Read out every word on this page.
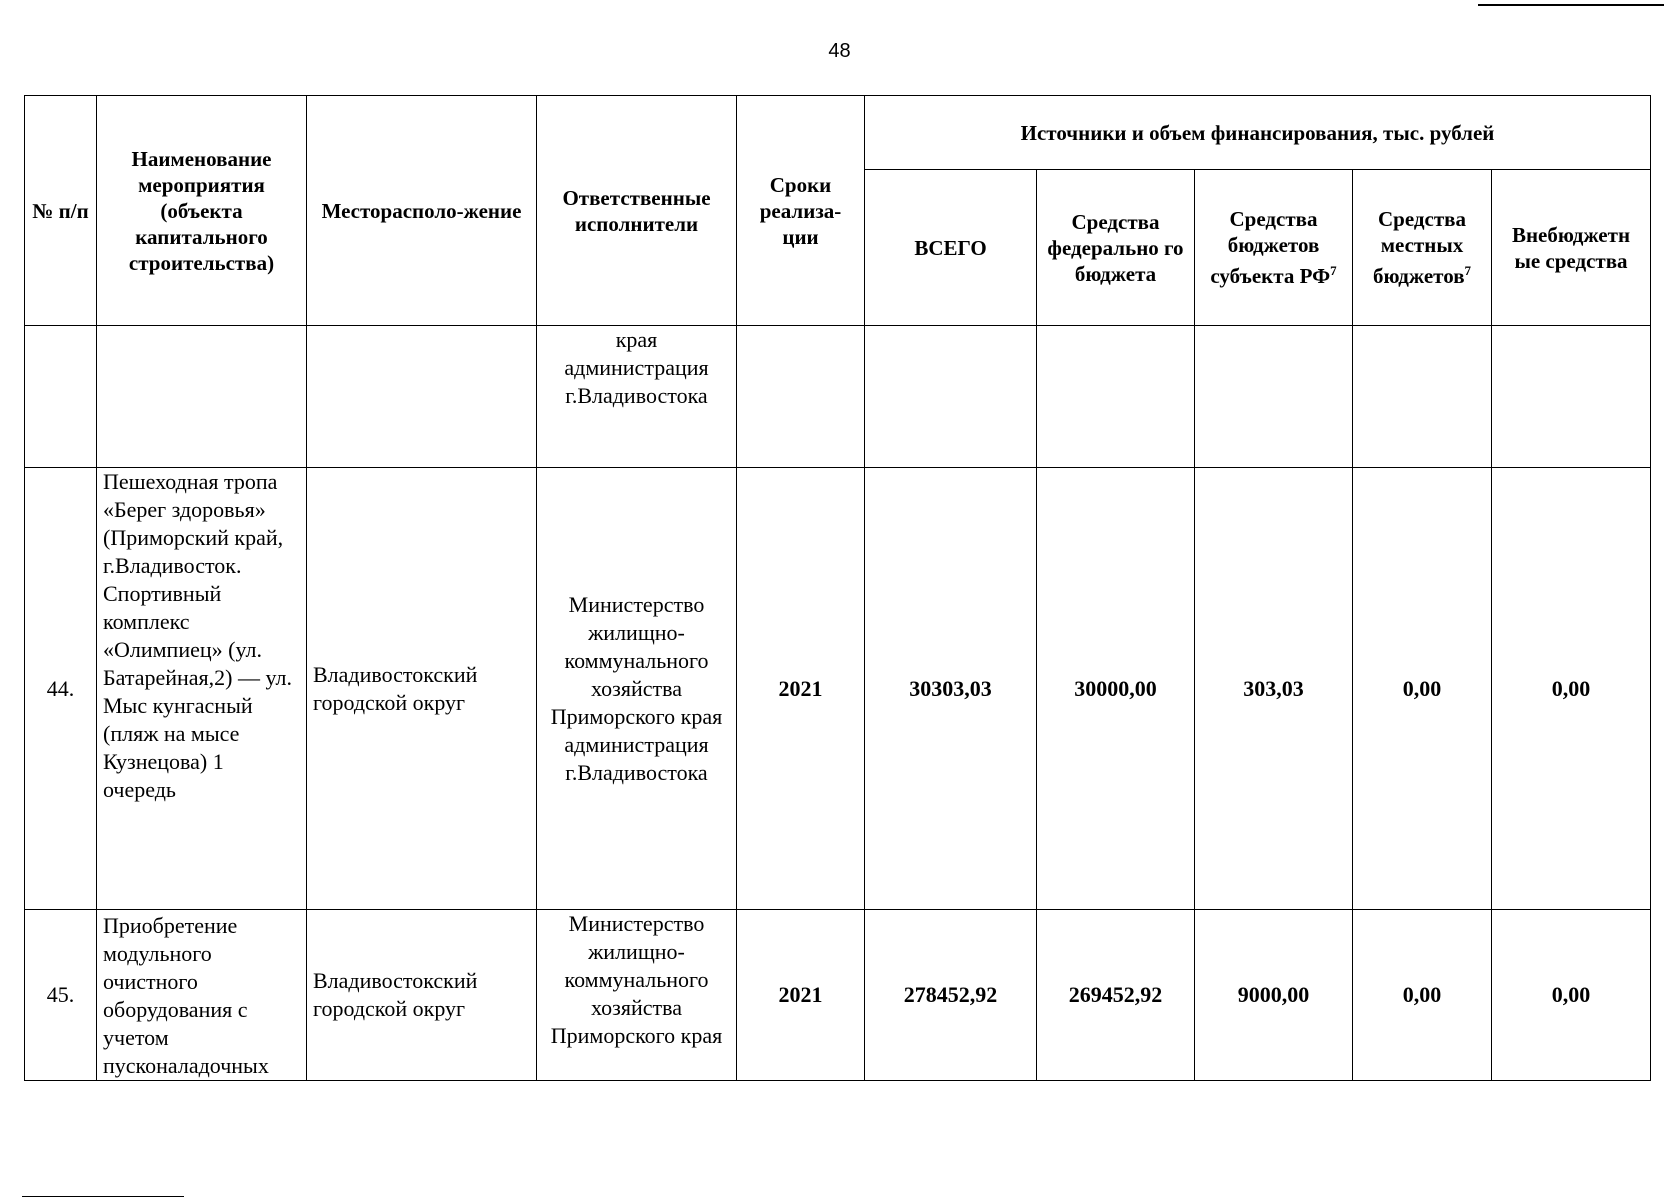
48
№ п/п	Наименование мероприятия (объекта капитального строительства)	Месторасполо-жение	Ответственные исполнители	Сроки реализа-ции	Источники и объем финансирования, тыс. рублей				
					ВСЕГО	Средства федерально го бюджета	Средства бюджетов субъекта $РФ^7$	Средства местных бюджетов$^7$	Внебюджетн ые средства
			края администрация г.Владивостока						
44.	Пешеходная тропа «Берег здоровья» (Приморский край, г.Владивосток. Спортивный комплекс «Олимпиец» (ул. Батарейная,2) — ул. Мыс кунгасный (пляж на мысе Кузнецова) 1 очередь	Владивостокский городской округ	Министерство жилищно-коммунального хозяйства Приморского края администрация г.Владивостока	2021	30303,03	30000,00	303,03	0,00	0,00
45.	Приобретение модульного очистного оборудования с учетом пусконаладочных	Владивостокский городской округ	Министерство жилищно-коммунального хозяйства Приморского края	2021	278452,92	269452,92	9000,00	0,00	0,00
